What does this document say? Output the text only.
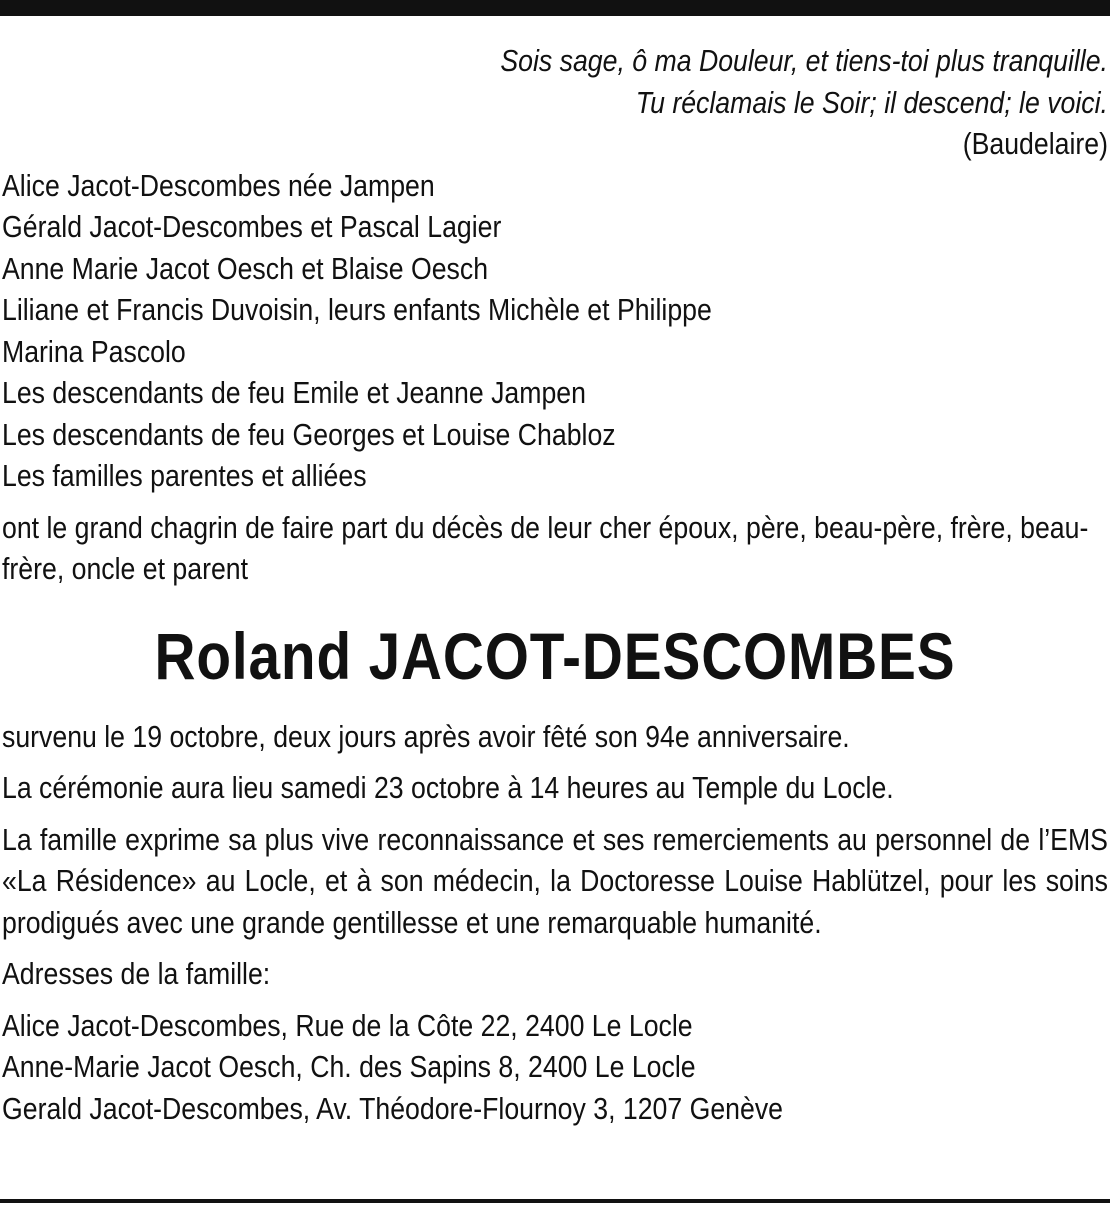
Sois sage, ô ma Douleur, et tiens-toi plus tranquille.
Tu réclamais le Soir; il descend; le voici.
(Baudelaire)
Alice Jacot-Descombes née Jampen
Gérald Jacot-Descombes et Pascal Lagier
Anne Marie Jacot Oesch et Blaise Oesch
Liliane et Francis Duvoisin, leurs enfants Michèle et Philippe
Marina Pascolo
Les descendants de feu Emile et Jeanne Jampen
Les descendants de feu Georges et Louise Chabloz
Les familles parentes et alliées
ont le grand chagrin de faire part du décès de leur cher époux, père, beau-père, frère, beau-frère, oncle et parent
Roland JACOT-DESCOMBES
survenu le 19 octobre, deux jours après avoir fêté son 94e anniversaire.
La cérémonie aura lieu samedi 23 octobre à 14 heures au Temple du Locle.
La famille exprime sa plus vive reconnaissance et ses remerciements au personnel de l’EMS «La Résidence» au Locle, et à son médecin, la Doctoresse Louise Hablützel, pour les soins prodigués avec une grande gentillesse et une remarquable humanité.
Adresses de la famille:
Alice Jacot-Descombes, Rue de la Côte 22, 2400 Le Locle
Anne-Marie Jacot Oesch, Ch. des Sapins 8, 2400 Le Locle
Gerald Jacot-Descombes, Av. Théodore-Flournoy 3, 1207 Genève
